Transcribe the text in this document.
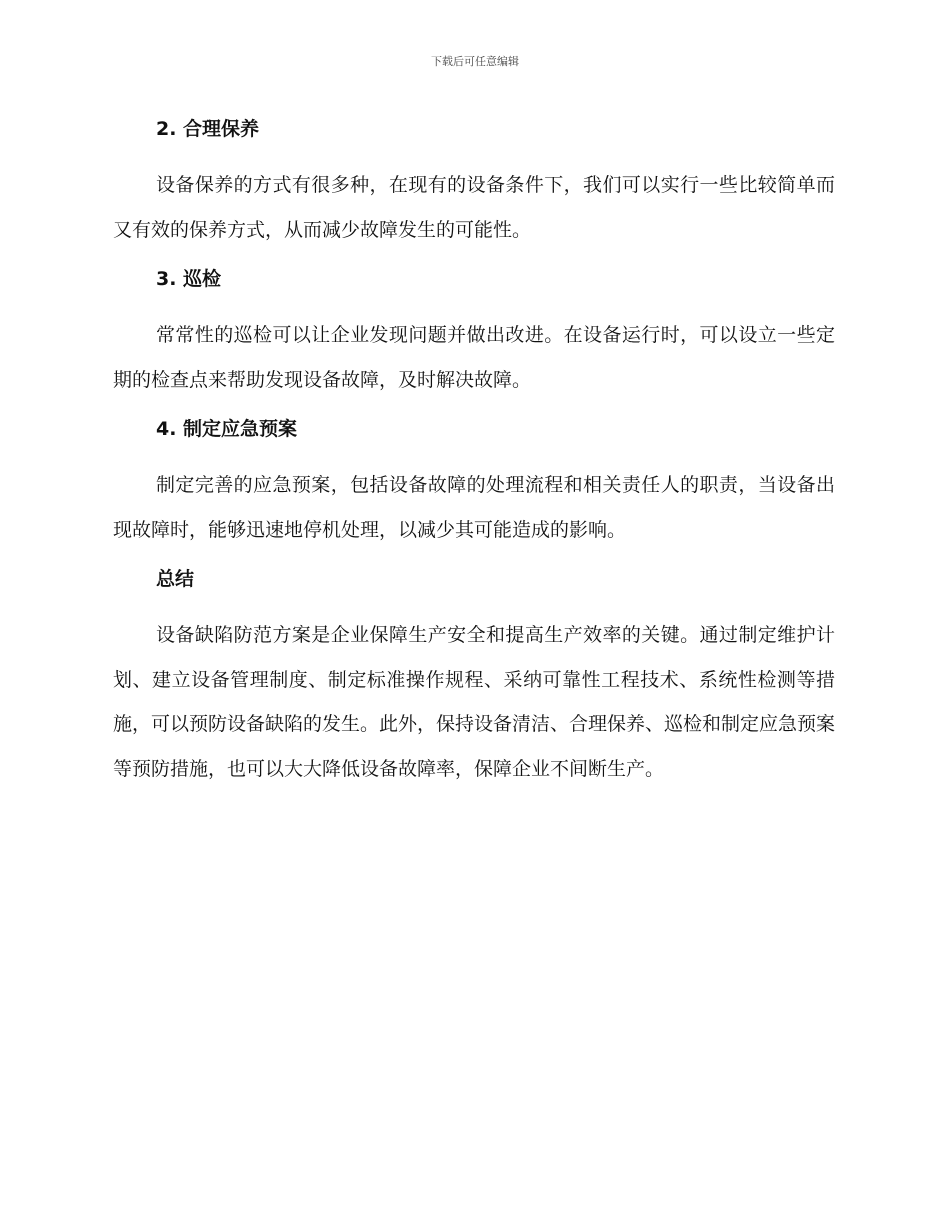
下载后可任意编辑
2. 合理保养

设备保养的方式有很多种，在现有的设备条件下，我们可以实行一些比较简单而又有效的保养方式，从而减少故障发生的可能性。

3. 巡检

常常性的巡检可以让企业发现问题并做出改进。在设备运行时，可以设立一些定期的检查点来帮助发现设备故障，及时解决故障。

4. 制定应急预案

制定完善的应急预案，包括设备故障的处理流程和相关责任人的职责，当设备出现故障时，能够迅速地停机处理，以减少其可能造成的影响。

总结

设备缺陷防范方案是企业保障生产安全和提高生产效率的关键。通过制定维护计划、建立设备管理制度、制定标准操作规程、采纳可靠性工程技术、系统性检测等措施，可以预防设备缺陷的发生。此外，保持设备清洁、合理保养、巡检和制定应急预案等预防措施，也可以大大降低设备故障率，保障企业不间断生产。
